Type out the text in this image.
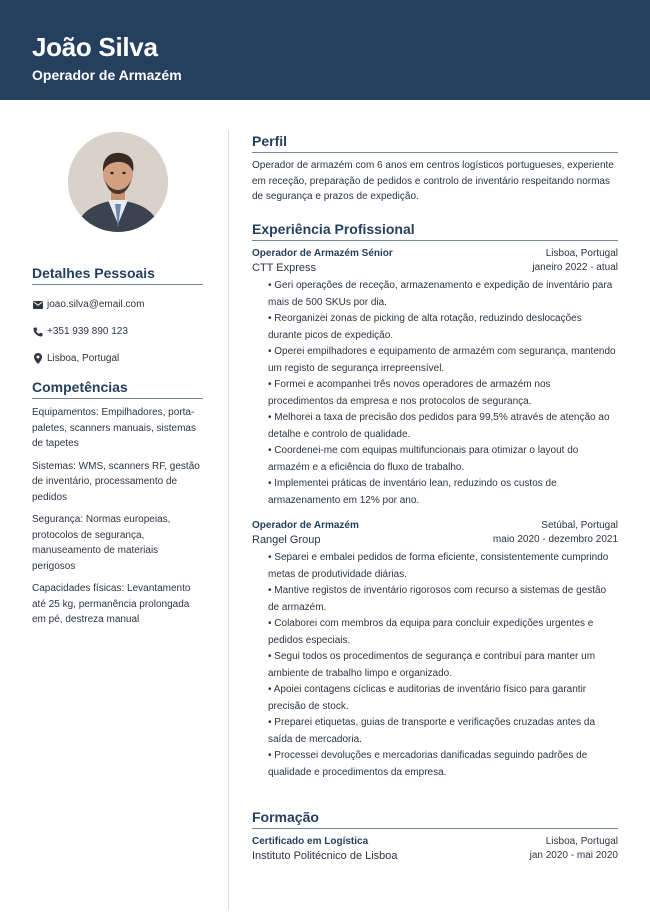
João Silva
Operador de Armazém
Detalhes Pessoais
joao.silva@email.com
+351 939 890 123
Lisboa, Portugal
Competências
Equipamentos: Empilhadores, porta-paletes, scanners manuais, sistemas de tapetes
Sistemas: WMS, scanners RF, gestão de inventário, processamento de pedidos
Segurança: Normas europeias, protocolos de segurança, manuseamento de materiais perigosos
Capacidades físicas: Levantamento até 25 kg, permanência prolongada em pé, destreza manual
Perfil

Operador de armazém com 6 anos em centros logísticos portugueses, experiente em receção, preparação de pedidos e controlo de inventário respeitando normas de segurança e prazos de expedição.

Experiência Profissional
Operador de Armazém Sénior	Lisboa, Portugal
CTT Express	janeiro 2022 - atual
• Geri operações de receção, armazenamento e expedição de inventário para mais de 500 SKUs por dia.
• Reorganizei zonas de picking de alta rotação, reduzindo deslocações durante picos de expedição.
• Operei empilhadores e equipamento de armazém com segurança, mantendo um registo de segurança irrepreensível.
• Formei e acompanhei três novos operadores de armazém nos procedimentos da empresa e nos protocolos de segurança.
• Melhorei a taxa de precisão dos pedidos para 99,5% através de atenção ao detalhe e controlo de qualidade.
• Coordenei-me com equipas multifuncionais para otimizar o layout do armazém e a eficiência do fluxo de trabalho.
• Implementei práticas de inventário lean, reduzindo os custos de armazenamento em 12% por ano.
Operador de Armazém	Setúbal, Portugal
Rangel Group	maio 2020 - dezembro 2021
• Separei e embalei pedidos de forma eficiente, consistentemente cumprindo metas de produtividade diárias.
• Mantive registos de inventário rigorosos com recurso a sistemas de gestão de armazém.
• Colaborei com membros da equipa para concluir expedições urgentes e pedidos especiais.
• Segui todos os procedimentos de segurança e contribuí para manter um ambiente de trabalho limpo e organizado.
• Apoiei contagens cíclicas e auditorias de inventário físico para garantir precisão de stock.
• Preparei etiquetas, guias de transporte e verificações cruzadas antes da saída de mercadoria.
• Processei devoluções e mercadorias danificadas seguindo padrões de qualidade e procedimentos da empresa.
Formação
Certificado em Logística	Lisboa, Portugal
Instituto Politécnico de Lisboa	jan 2020 - mai 2020
